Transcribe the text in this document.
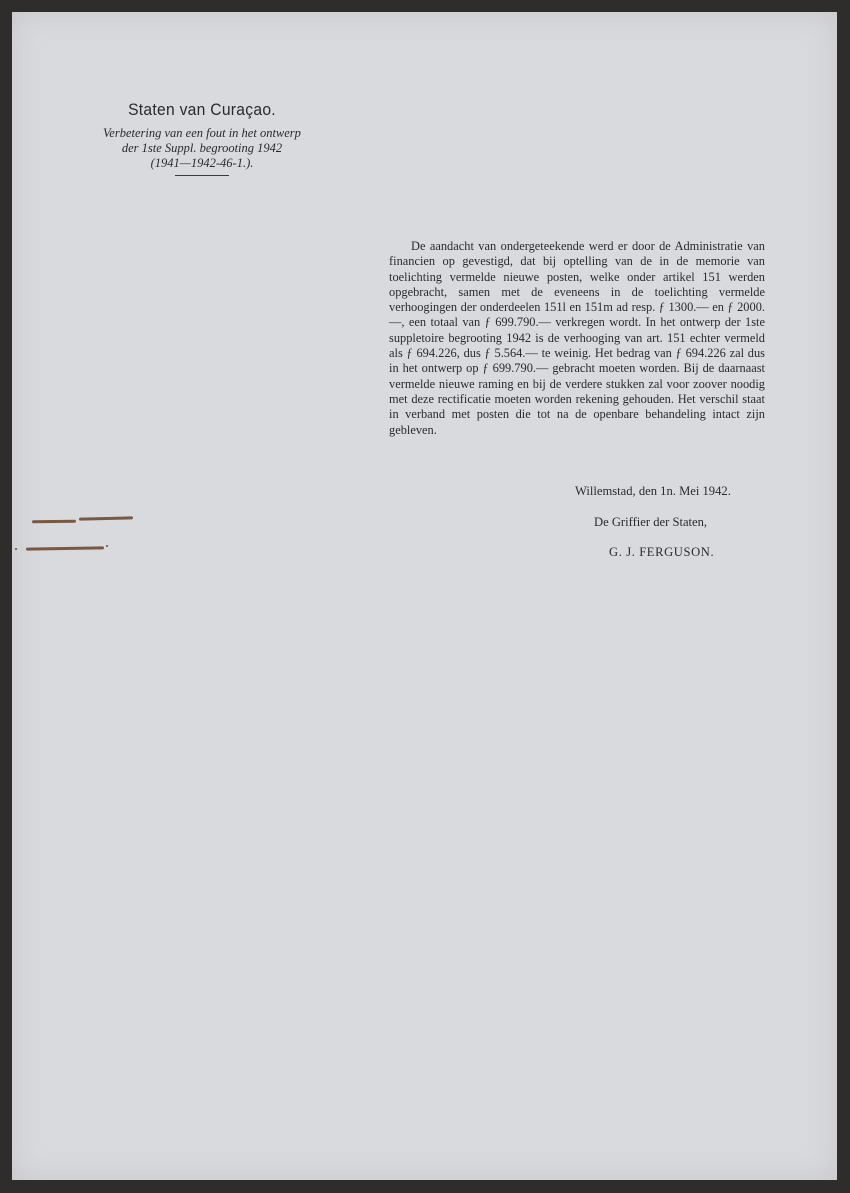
Staten van Curaçao.
Verbetering van een fout in het ontwerp
der 1ste Suppl. begrooting 1942
(1941—1942-46-1.).

De aandacht van ondergeteekende werd er door de Administratie van financien op gevestigd, dat bij optelling van de in de memorie van toelichting vermelde nieuwe posten, welke onder artikel 151 werden opgebracht, samen met de eveneens in de toelichting vermelde verhoogingen der onderdeelen 151l en 151m ad resp. ƒ 1300.— en ƒ 2000.—, een totaal van ƒ 699.790.— verkregen wordt. In het ontwerp der 1ste suppletoire begrooting 1942 is de verhooging van art. 151 echter vermeld als ƒ 694.226, dus ƒ 5.564.— te weinig. Het bedrag van ƒ 694.226 zal dus in het ontwerp op ƒ 699.790.— gebracht moeten worden. Bij de daarnaast vermelde nieuwe raming en bij de verdere stukken zal voor zoover noodig met deze rectificatie moeten worden rekening gehouden. Het verschil staat in verband met posten die tot na de openbare behandeling intact zijn gebleven.

Willemstad, den 1n. Mei 1942.
De Griffier der Staten,
G. J. FERGUSON.
